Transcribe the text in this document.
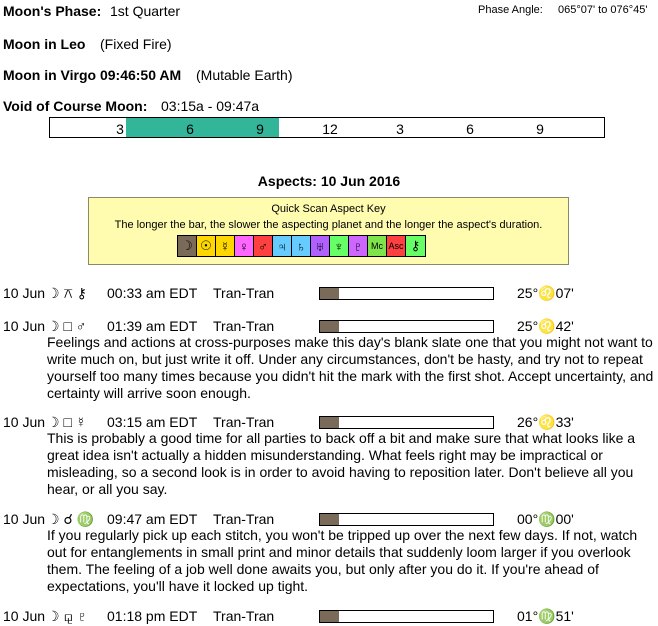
Moon's Phase: 1st Quarter	Phase Angle: 065°07' to 076°45'
Moon in Leo (Fixed Fire)
Moon in Virgo 09:46:50 AM (Mutable Earth)
Void of Course Moon: 03:15a - 09:47a
3	6	9	12	3	6	9
Aspects: 10 Jun 2016
Quick Scan Aspect Key
The longer the bar, the slower the aspecting planet and the longer the aspect's duration.
☽ ☉ ☿ ♀ ♂ ♃ ♄ ♅ ♆ ♇ Mc Asc ⚷
10 Jun ☽ ⚻ ⚷ 00:33 am EDT Tran-Tran	25°♌07'
10 Jun ☽ □ ♂ 01:39 am EDT Tran-Tran	25°♌42'
Feelings and actions at cross-purposes make this day's blank slate one that you might not want to write much on, but just write it off. Under any circumstances, don't be hasty, and try not to repeat yourself too many times because you didn't hit the mark with the first shot. Accept uncertainty, and certainty will arrive soon enough.
10 Jun ☽ □ ☿ 03:15 am EDT Tran-Tran	26°♌33'
This is probably a good time for all parties to back off a bit and make sure that what looks like a great idea isn't actually a hidden misunderstanding. What feels right may be impractical or misleading, so a second look is in order to avoid having to reposition later. Don't believe all you hear, or all you say.
10 Jun ☽ ☌ ♍ 09:47 am EDT Tran-Tran	00°♍00'
If you regularly pick up each stitch, you won't be tripped up over the next few days. If not, watch out for entanglements in small print and minor details that suddenly loom larger if you overlook them. The feeling of a job well done awaits you, but only after you do it. If you're ahead of expectations, you'll have it locked up tight.
10 Jun ☽ ⚼ ♇ 01:18 pm EDT Tran-Tran	01°♍51'
